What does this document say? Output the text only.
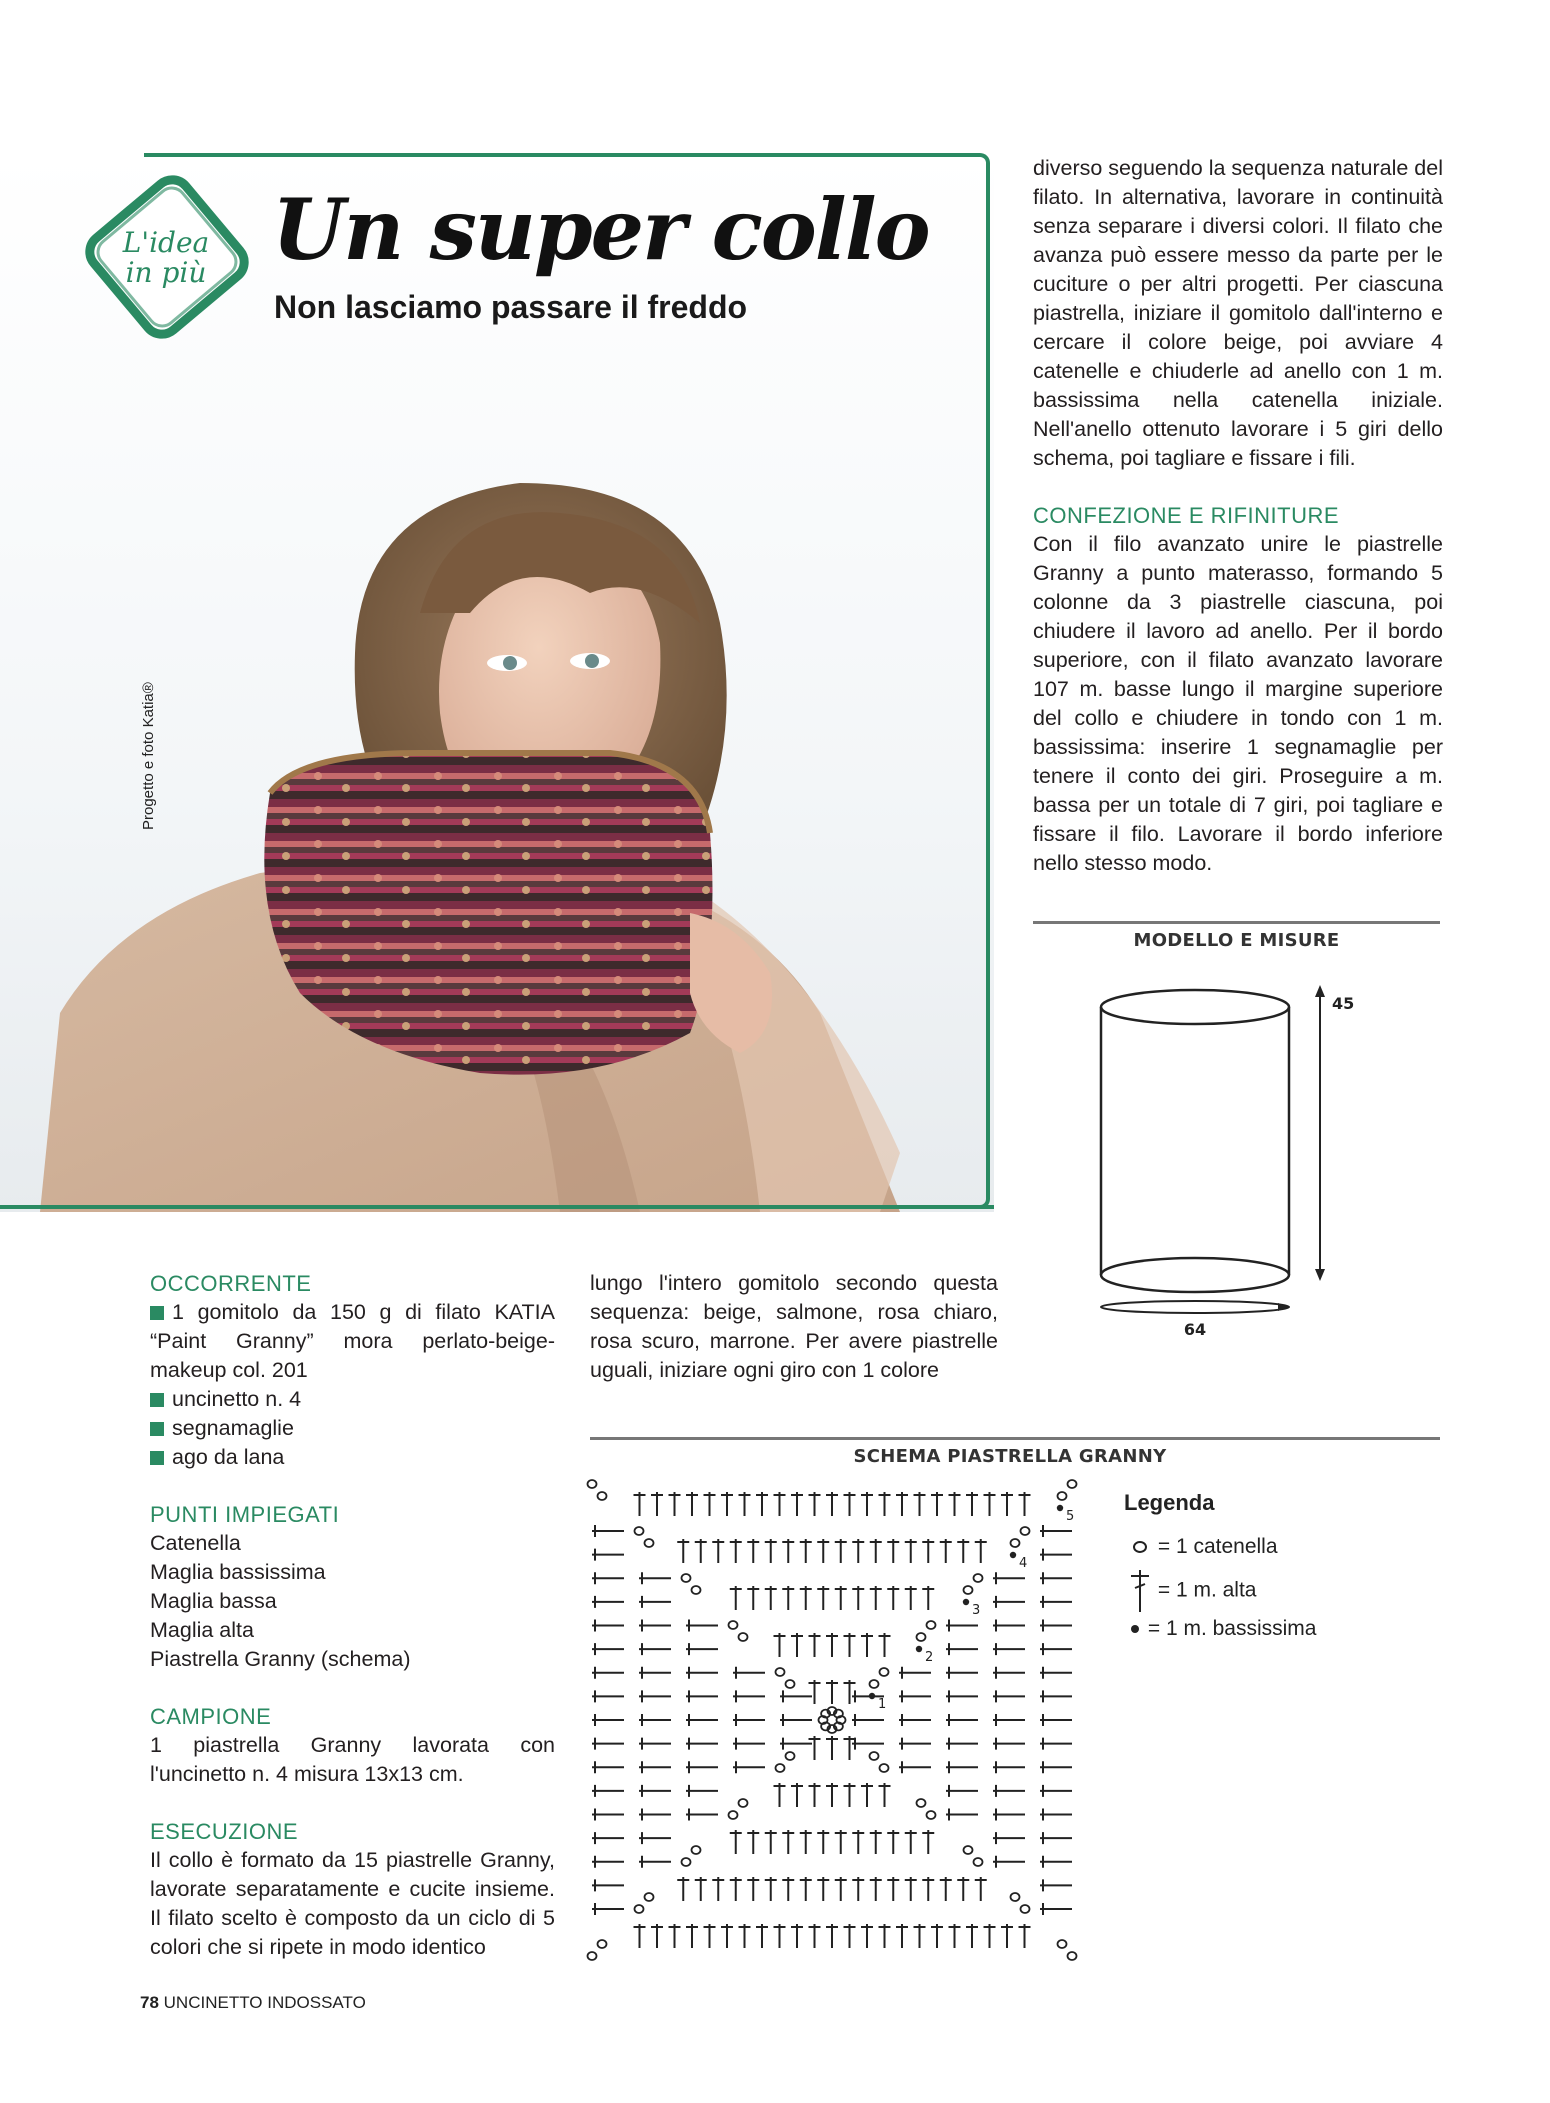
L'idea
in più Un super collo
Non lasciamo passare il freddo
Progetto e foto Katia®

diverso seguendo la sequenza naturale del filato. In alternativa, lavorare in continuità senza separare i diversi colori. Il filato che avanza può essere messo da parte per le cuciture o per altri progetti. Per ciascuna piastrella, iniziare il gomitolo dall'interno e cercare il colore beige, poi avviare 4 catenelle e chiuderle ad anello con 1 m. bassissima nella catenella iniziale. Nell'anello ottenuto lavorare i 5 giri dello schema, poi tagliare e fissare i fili.

CONFEZIONE E RIFINITURE

Con il filo avanzato unire le piastrelle Granny a punto materasso, formando 5 colonne da 3 piastrelle ciascuna, poi chiudere il lavoro ad anello. Per il bordo superiore, con il filato avanzato lavorare 107 m. basse lungo il margine superiore del collo e chiudere in tondo con 1 m. bassissima: inserire 1 segnamaglie per tenere il conto dei giri. Proseguire a m. bassa per un totale di 7 giri, poi tagliare e fissare il filo. Lavorare il bordo inferiore nello stesso modo.

MODELLO E MISURE
45
64

OCCORRENTE

1 gomitolo da 150 g di filato KATIA “Paint Granny” mora perlato-beige-makeup col. 201

uncinetto n. 4

segnamaglie

ago da lana

PUNTI IMPIEGATI

Catenella

Maglia bassissima

Maglia bassa

Maglia alta

Piastrella Granny (schema)

CAMPIONE

1 piastrella Granny lavorata con l'uncinetto n. 4 misura 13x13 cm.

ESECUZIONE

Il collo è formato da 15 piastrelle Granny, lavorate separatamente e cucite insieme. Il filato scelto è composto da un ciclo di 5 colori che si ripete in modo identico

lungo l'intero gomitolo secondo questa sequenza: beige, salmone, rosa chiaro, rosa scuro, marrone. Per avere piastrelle uguali, iniziare ogni giro con 1 colore

SCHEMA PIASTRELLA GRANNY
1
2
3
4
5
Legenda
= 1 catenella
= 1 m. alta
= 1 m. bassissima
78 UNCINETTO INDOSSATO
